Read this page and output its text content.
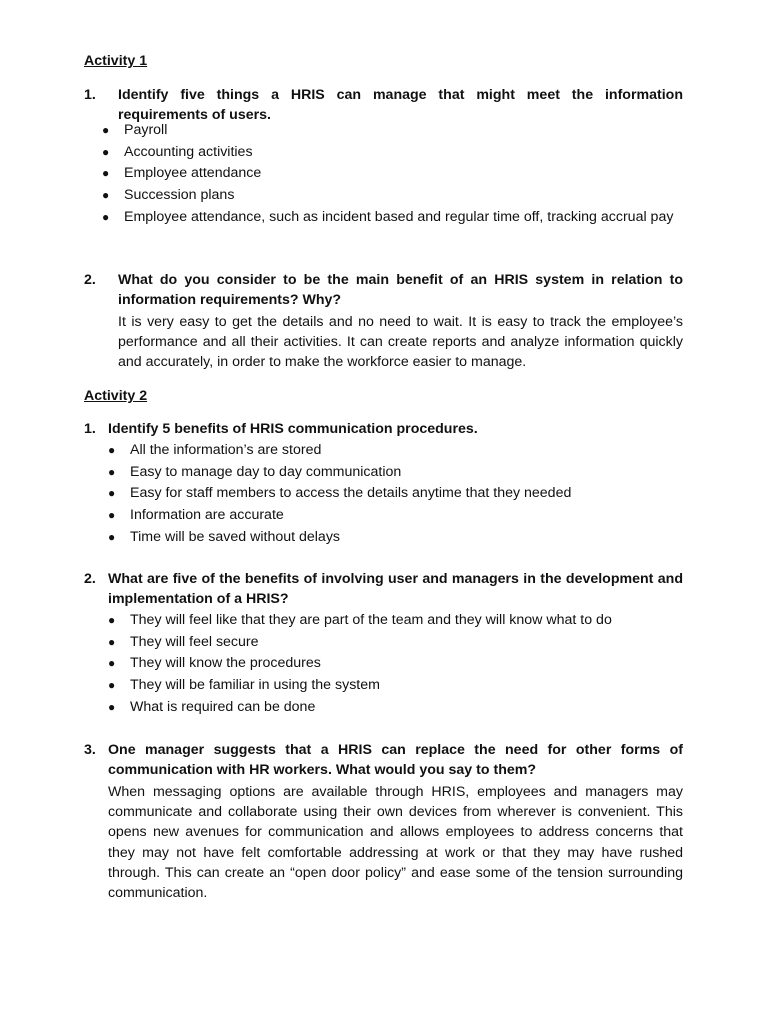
Activity 1
1. Identify five things a HRIS can manage that might meet the information requirements of users.
● Payroll
● Accounting activities
● Employee attendance
● Succession plans
● Employee attendance, such as incident based and regular time off, tracking accrual pay
2. What do you consider to be the main benefit of an HRIS system in relation to information requirements? Why?
It is very easy to get the details and no need to wait. It is easy to track the employee’s performance and all their activities. It can create reports and analyze information quickly and accurately, in order to make the workforce easier to manage.
Activity 2
1. Identify 5 benefits of HRIS communication procedures.
● All the information’s are stored
● Easy to manage day to day communication
● Easy for staff members to access the details anytime that they needed
● Information are accurate
● Time will be saved without delays
2. What are five of the benefits of involving user and managers in the development and implementation of a HRIS?
● They will feel like that they are part of the team and they will know what to do
● They will feel secure
● They will know the procedures
● They will be familiar in using the system
● What is required can be done
3. One manager suggests that a HRIS can replace the need for other forms of communication with HR workers. What would you say to them?
When messaging options are available through HRIS, employees and managers may communicate and collaborate using their own devices from wherever is convenient. This opens new avenues for communication and allows employees to address concerns that they may not have felt comfortable addressing at work or that they may have rushed through. This can create an “open door policy” and ease some of the tension surrounding communication.
